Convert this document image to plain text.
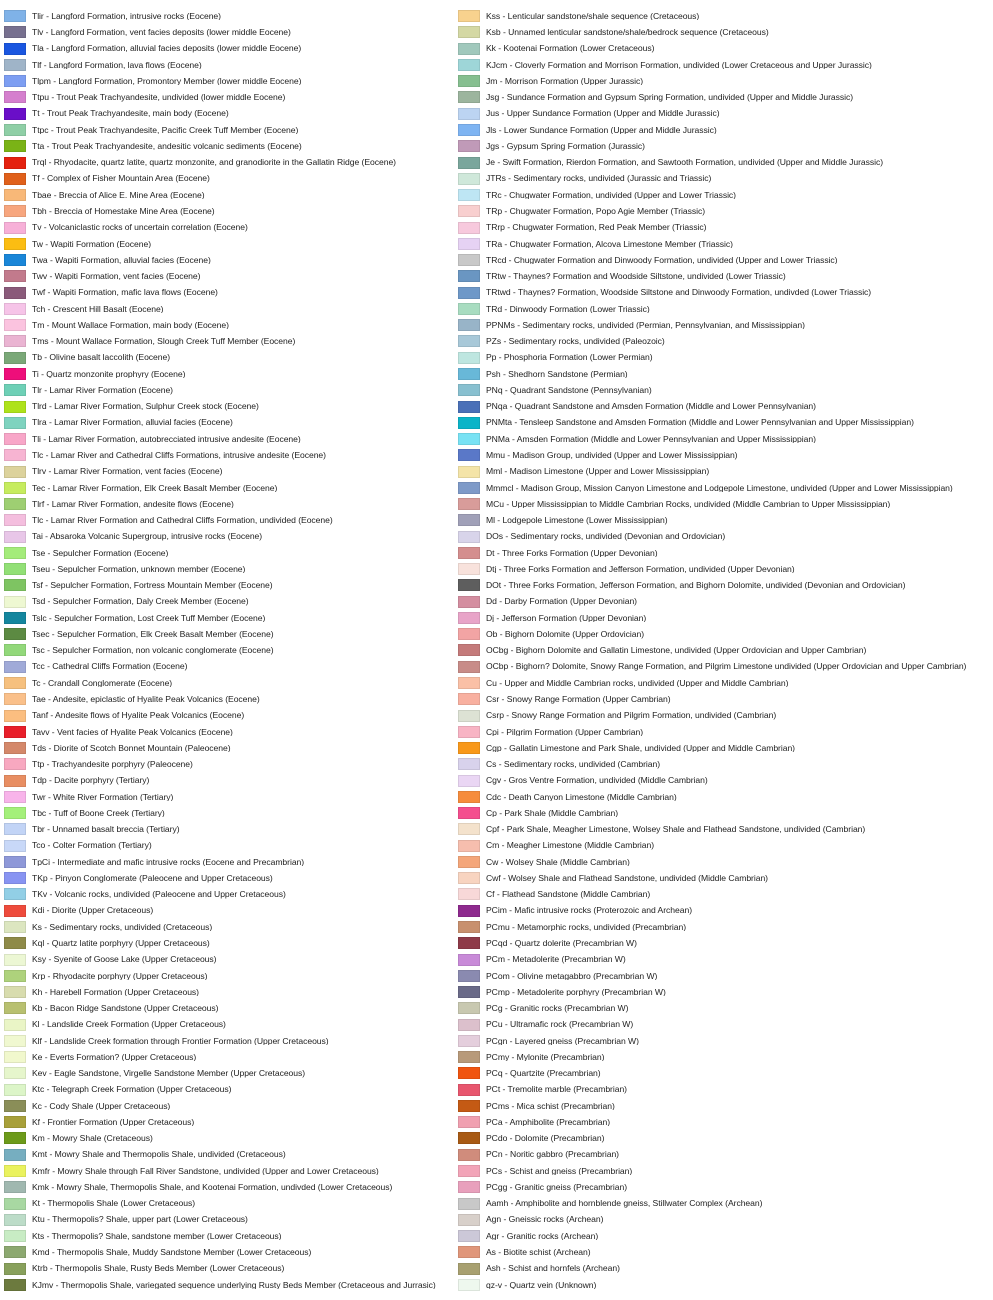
Tlir - Langford Formation, intrusive rocks (Eocene)
Tlv - Langford Formation, vent facies deposits (lower middle Eocene)
Tla - Langford Formation, alluvial facies deposits (lower middle Eocene)
Tlf - Langford Formation, lava flows (Eocene)
Tlpm - Langford Formation, Promontory Member (lower middle Eocene)
Ttpu - Trout Peak Trachyandesite, undivided (lower middle Eocene)
Tt - Trout Peak Trachyandesite, main body (Eocene)
Ttpc - Trout Peak Trachyandesite, Pacific Creek Tuff Member (Eocene)
Tta - Trout Peak Trachyandesite, andesitic volcanic sediments (Eocene)
Trql - Rhyodacite, quartz latite, quartz monzonite, and granodiorite in the Gallatin Ridge (Eocene)
Tf - Complex of Fisher Mountain Area (Eocene)
Tbae - Breccia of Alice E. Mine Area (Eocene)
Tbh - Breccia of Homestake Mine Area (Eocene)
Tv - Volcaniclastic rocks of uncertain correlation (Eocene)
Tw - Wapiti Formation (Eocene)
Twa - Wapiti Formation, alluvial facies (Eocene)
Twv - Wapiti Formation, vent facies (Eocene)
Twf - Wapiti Formation, mafic lava flows (Eocene)
Tch - Crescent Hill Basalt (Eocene)
Tm - Mount Wallace Formation, main body (Eocene)
Tms - Mount Wallace Formation, Slough Creek Tuff Member (Eocene)
Tb - Olivine basalt laccolith (Eocene)
Ti - Quartz monzonite prophyry (Eocene)
Tlr - Lamar River Formation (Eocene)
Tlrd - Lamar River Formation, Sulphur Creek stock (Eocene)
Tlra - Lamar River Formation, alluvial facies (Eocene)
Tli - Lamar River Formation, autobrecciated intrusive andesite (Eocene)
Tlc - Lamar River and Cathedral Cliffs Formations, intrusive andesite (Eocene)
Tlrv - Lamar River Formation, vent facies (Eocene)
Tec - Lamar River Formation, Elk Creek Basalt Member (Eocene)
Tlrf - Lamar River Formation, andesite flows (Eocene)
Tlc - Lamar River Formation and Cathedral Cliffs Formation, undivided (Eocene)
Tai - Absaroka Volcanic Supergroup, intrusive rocks (Eocene)
Tse - Sepulcher Formation (Eocene)
Tseu - Sepulcher Formation, unknown member (Eocene)
Tsf - Sepulcher Formation, Fortress Mountain Member (Eocene)
Tsd - Sepulcher Formation, Daly Creek Member (Eocene)
Tslc - Sepulcher Formation, Lost Creek Tuff Member (Eocene)
Tsec - Sepulcher Formation, Elk Creek Basalt Member (Eocene)
Tsc - Sepulcher Formation, non volcanic conglomerate (Eocene)
Tcc - Cathedral Cliffs Formation (Eocene)
Tc - Crandall Conglomerate (Eocene)
Tae - Andesite, epiclastic of Hyalite Peak Volcanics (Eocene)
Tanf - Andesite flows of Hyalite Peak Volcanics (Eocene)
Tavv - Vent facies of Hyalite Peak Volcanics (Eocene)
Tds - Diorite of Scotch Bonnet Mountain (Paleocene)
Ttp - Trachyandesite porphyry (Paleocene)
Tdp - Dacite porphyry (Tertiary)
Twr - White River Formation (Tertiary)
Tbc - Tuff of Boone Creek (Tertiary)
Tbr - Unnamed basalt breccia (Tertiary)
Tco - Colter Formation (Tertiary)
TpCi - Intermediate and mafic intrusive rocks (Eocene and Precambrian)
TKp - Pinyon Conglomerate (Paleocene and Upper Cretaceous)
TKv - Volcanic rocks, undivided (Paleocene and Upper Cretaceous)
Kdi - Diorite (Upper Cretaceous)
Ks - Sedimentary rocks, undivided (Cretaceous)
Kql - Quartz latite porphyry (Upper Cretaceous)
Ksy - Syenite of Goose Lake (Upper Cretaceous)
Krp - Rhyodacite porphyry (Upper Cretaceous)
Kh - Harebell Formation (Upper Cretaceous)
Kb - Bacon Ridge Sandstone (Upper Cretaceous)
Kl - Landslide Creek Formation (Upper Cretaceous)
Klf - Landslide Creek formation through Frontier Formation (Upper Cretaceous)
Ke - Everts Formation? (Upper Cretaceous)
Kev - Eagle Sandstone, Virgelle Sandstone Member (Upper Cretaceous)
Ktc - Telegraph Creek Formation (Upper Cretaceous)
Kc - Cody Shale (Upper Cretaceous)
Kf - Frontier Formation (Upper Cretaceous)
Km - Mowry Shale (Cretaceous)
Kmt - Mowry Shale and Thermopolis Shale, undivided (Cretaceous)
Kmfr - Mowry Shale through Fall River Sandstone, undivided (Upper and Lower Cretaceous)
Kmk - Mowry Shale, Thermopolis Shale, and Kootenai Formation, undivded (Lower Cretaceous)
Kt - Thermopolis Shale (Lower Cretaceous)
Ktu - Thermopolis? Shale, upper part (Lower Cretaceous)
Kts - Thermopolis? Shale, sandstone member (Lower Cretaceous)
Kmd - Thermopolis Shale, Muddy Sandstone Member (Lower Cretaceous)
Ktrb - Thermopolis Shale, Rusty Beds Member (Lower Cretaceous)
KJmv - Thermopolis Shale, variegated sequence underlying Rusty Beds Member (Cretaceous and Jurrasic)
Kss - Lenticular sandstone/shale sequence (Cretaceous)
Ksb - Unnamed lenticular sandstone/shale/bedrock sequence (Cretaceous)
Kk - Kootenai Formation (Lower Cretaceous)
KJcm - Cloverly Formation and Morrison Formation, undivided (Lower Cretaceous and Upper Jurassic)
Jm - Morrison Formation (Upper Jurassic)
Jsg - Sundance Formation and Gypsum Spring Formation, undivided (Upper and Middle Jurassic)
Jus - Upper Sundance Formation (Upper and Middle Jurassic)
Jls - Lower Sundance Formation (Upper and Middle Jurassic)
Jgs - Gypsum Spring Formation (Jurassic)
Je - Swift Formation, Rierdon Formation, and Sawtooth Formation, undivided (Upper and Middle Jurassic)
JTRs - Sedimentary rocks, undivided (Jurassic and Triassic)
TRc - Chugwater Formation, undivided (Upper and Lower Triassic)
TRp - Chugwater Formation, Popo Agie Member (Triassic)
TRrp - Chugwater Formation, Red Peak Member (Triassic)
TRa - Chugwater Formation, Alcova Limestone Member (Triassic)
TRcd - Chugwater Formation and Dinwoody Formation, undivided (Upper and Lower Triassic)
TRtw - Thaynes? Formation and Woodside Siltstone, undivided (Lower Triassic)
TRtwd - Thaynes? Formation, Woodside Siltstone and Dinwoody Formation, undivded (Lower Triassic)
TRd - Dinwoody Formation (Lower Triassic)
PPNMs - Sedimentary rocks, undivided (Permian, Pennsylvanian, and Mississippian)
PZs - Sedimentary rocks, undivided (Paleozoic)
Pp - Phosphoria Formation (Lower Permian)
Psh - Shedhorn Sandstone (Permian)
PNq - Quadrant Sandstone (Pennsylvanian)
PNqa - Quadrant Sandstone and Amsden Formation (Middle and Lower Pennsylvanian)
PNMta - Tensleep Sandstone and Amsden Formation (Middle and Lower Pennsylvanian and Upper Mississippian)
PNMa - Amsden Formation (Middle and Lower Pennsylvanian and Upper Mississippian)
Mmu - Madison Group, undivided (Upper and Lower Mississippian)
Mml - Madison Limestone (Upper and Lower Mississippian)
Mmmcl - Madison Group, Mission Canyon Limestone and Lodgepole Limestone, undivided (Upper and Lower Mississippian)
MCu - Upper Mississippian to Middle Cambrian Rocks, undivided (Middle Cambrian to Upper Mississippian)
Ml - Lodgepole Limestone (Lower Mississippian)
DOs - Sedimentary rocks, undivided (Devonian and Ordovician)
Dt - Three Forks Formation (Upper Devonian)
Dtj - Three Forks Formation and Jefferson Formation, undivided (Upper Devonian)
DOt - Three Forks Formation, Jefferson Formation, and Bighorn Dolomite, undivided (Devonian and Ordovician)
Dd - Darby Formation (Upper Devonian)
Dj - Jefferson Formation (Upper Devonian)
Ob - Bighorn Dolomite (Upper Ordovician)
OCbg - Bighorn Dolomite and Gallatin Limestone, undivided (Upper Ordovician and Upper Cambrian)
OCbp - Bighorn? Dolomite, Snowy Range Formation, and Pilgrim Limestone undivided (Upper Ordovician and Upper Cambrian)
Cu - Upper and Middle Cambrian rocks, undivided (Upper and Middle Cambrian)
Csr - Snowy Range Formation (Upper Cambrian)
Csrp - Snowy Range Formation and Pilgrim Formation, undivided (Cambrian)
Cpi - Pilgrim Formation (Upper Cambrian)
Cgp - Gallatin Limestone and Park Shale, undivided (Upper and Middle Cambrian)
Cs - Sedimentary rocks, undivided (Cambrian)
Cgv - Gros Ventre Formation, undivided (Middle Cambrian)
Cdc - Death Canyon Limestone (Middle Cambrian)
Cp - Park Shale (Middle Cambrian)
Cpf - Park Shale, Meagher Limestone, Wolsey Shale and Flathead Sandstone, undivided (Cambrian)
Cm - Meagher Limestone (Middle Cambrian)
Cw - Wolsey Shale (Middle Cambrian)
Cwf - Wolsey Shale and Flathead Sandstone, undivided (Middle Cambrian)
Cf - Flathead Sandstone (Middle Cambrian)
PCim - Mafic intrusive rocks (Proterozoic and Archean)
PCmu - Metamorphic rocks, undivided (Precambrian)
PCqd - Quartz dolerite (Precambrian W)
PCm - Metadolerite (Precambrian W)
PCom - Olivine metagabbro (Precambrian W)
PCmp - Metadolerite porphyry (Precambrian W)
PCg - Granitic rocks (Precambrian W)
PCu - Ultramafic rock (Precambrian W)
PCgn - Layered gneiss (Precambrian W)
PCmy - Mylonite (Precambrian)
PCq - Quartzite (Precambrian)
PCt - Tremolite marble (Precambrian)
PCms - Mica schist (Precambrian)
PCa - Amphibolite (Precambrian)
PCdo - Dolomite (Precambrian)
PCn - Noritic gabbro (Precambrian)
PCs - Schist and gneiss (Precambrian)
PCgg - Granitic gneiss (Precambrian)
Aamh - Amphibolite and hornblende gneiss, Stillwater Complex (Archean)
Agn - Gneissic rocks (Archean)
Agr - Granitic rocks (Archean)
As - Biotite schist (Archean)
Ash - Schist and hornfels (Archean)
qz-v - Quartz vein (Unknown)
